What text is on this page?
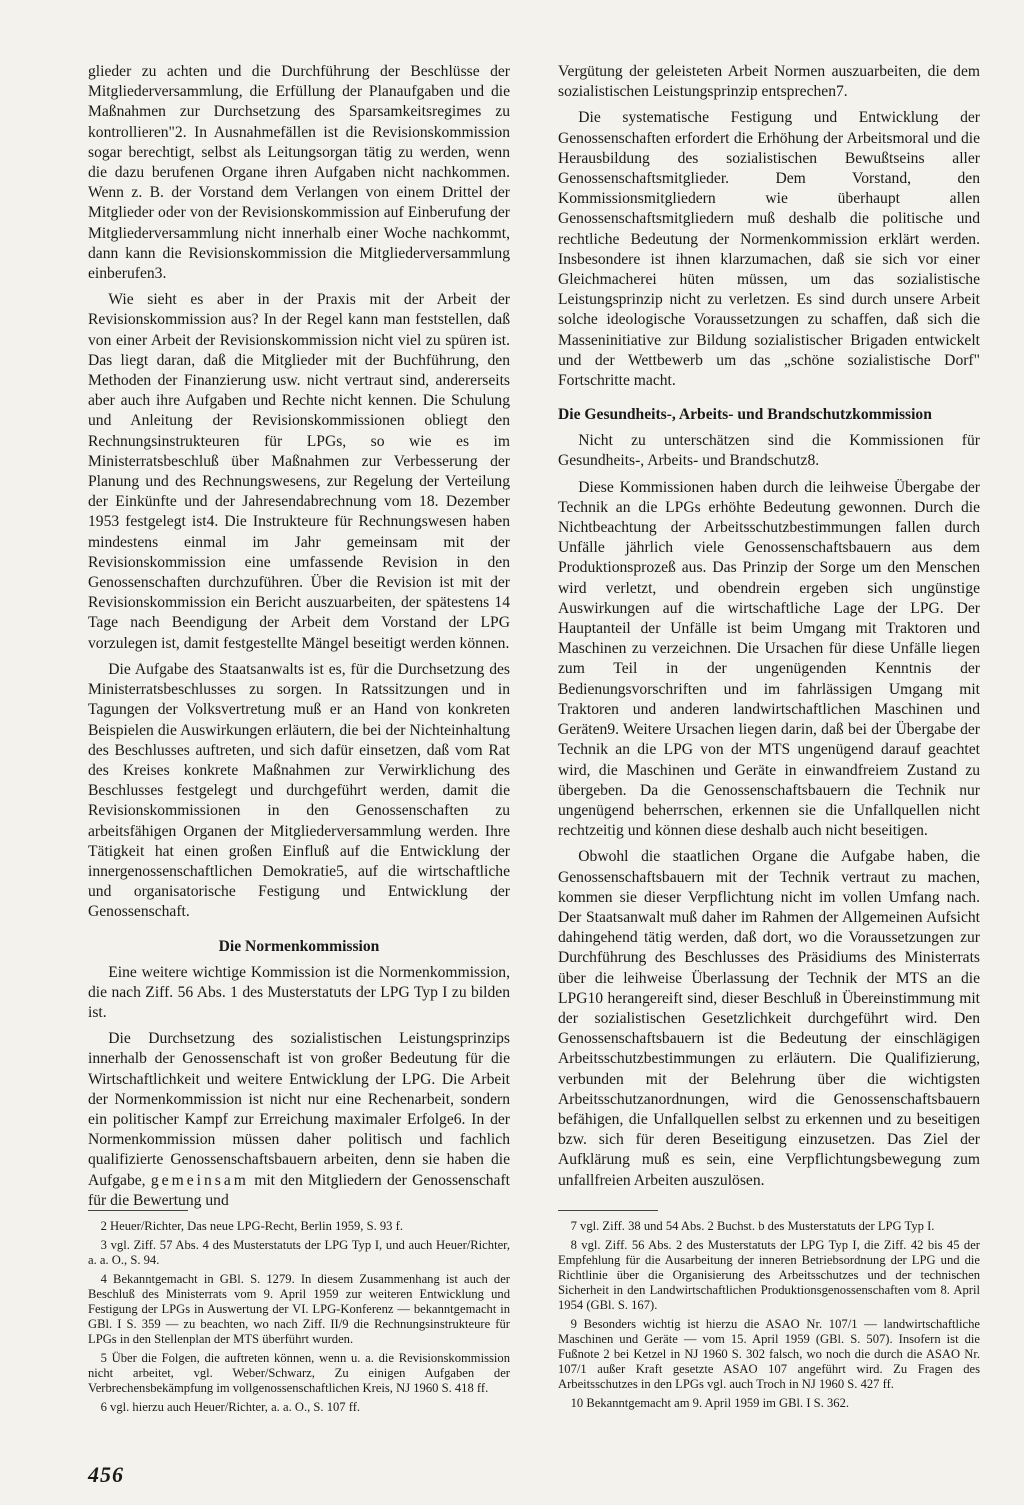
glieder zu achten und die Durchführung der Beschlüsse der Mitgliederversammlung, die Erfüllung der Planaufgaben und die Maßnahmen zur Durchsetzung des Sparsamkeitsregimes zu kontrollieren"2. In Ausnahmefällen ist die Revisionskommission sogar berechtigt, selbst als Leitungsorgan tätig zu werden, wenn die dazu berufenen Organe ihren Aufgaben nicht nachkommen. Wenn z. B. der Vorstand dem Verlangen von einem Drittel der Mitglieder oder von der Revisionskommission auf Einberufung der Mitgliederversammlung nicht innerhalb einer Woche nachkommt, dann kann die Revisionskommission die Mitgliederversammlung einberufen3.

Wie sieht es aber in der Praxis mit der Arbeit der Revisionskommission aus? In der Regel kann man feststellen, daß von einer Arbeit der Revisionskommission nicht viel zu spüren ist. Das liegt daran, daß die Mitglieder mit der Buchführung, den Methoden der Finanzierung usw. nicht vertraut sind, andererseits aber auch ihre Aufgaben und Rechte nicht kennen. Die Schulung und Anleitung der Revisionskommissionen obliegt den Rechnungsinstrukteuren für LPGs, so wie es im Ministerratsbeschluß über Maßnahmen zur Verbesserung der Planung und des Rechnungswesens, zur Regelung der Verteilung der Einkünfte und der Jahresendabrechnung vom 18. Dezember 1953 festgelegt ist4. Die Instrukteure für Rechnungswesen haben mindestens einmal im Jahr gemeinsam mit der Revisionskommission eine umfassende Revision in den Genossenschaften durchzuführen. Über die Revision ist mit der Revisionskommission ein Bericht auszuarbeiten, der spätestens 14 Tage nach Beendigung der Arbeit dem Vorstand der LPG vorzulegen ist, damit festgestellte Mängel beseitigt werden können.

Die Aufgabe des Staatsanwalts ist es, für die Durchsetzung des Ministerratsbeschlusses zu sorgen. In Ratssitzungen und in Tagungen der Volksvertretung muß er an Hand von konkreten Beispielen die Auswirkungen erläutern, die bei der Nichteinhaltung des Beschlusses auftreten, und sich dafür einsetzen, daß vom Rat des Kreises konkrete Maßnahmen zur Verwirklichung des Beschlusses festgelegt und durchgeführt werden, damit die Revisionskommissionen in den Genossenschaften zu arbeitsfähigen Organen der Mitgliederversammlung werden. Ihre Tätigkeit hat einen großen Einfluß auf die Entwicklung der innergenossenschaftlichen Demokratie5, auf die wirtschaftliche und organisatorische Festigung und Entwicklung der Genossenschaft.

Die Normenkommission

Eine weitere wichtige Kommission ist die Normenkommission, die nach Ziff. 56 Abs. 1 des Musterstatuts der LPG Typ I zu bilden ist.

Die Durchsetzung des sozialistischen Leistungsprinzips innerhalb der Genossenschaft ist von großer Bedeutung für die Wirtschaftlichkeit und weitere Entwicklung der LPG. Die Arbeit der Normenkommission ist nicht nur eine Rechenarbeit, sondern ein politischer Kampf zur Erreichung maximaler Erfolge6. In der Normenkommission müssen daher politisch und fachlich qualifizierte Genossenschaftsbauern arbeiten, denn sie haben die Aufgabe, gemeinsam mit den Mitgliedern der Genossenschaft für die Bewertung und

Vergütung der geleisteten Arbeit Normen auszuarbeiten, die dem sozialistischen Leistungsprinzip entsprechen7.

Die systematische Festigung und Entwicklung der Genossenschaften erfordert die Erhöhung der Arbeitsmoral und die Herausbildung des sozialistischen Bewußtseins aller Genossenschaftsmitglieder. Dem Vorstand, den Kommissionsmitgliedern wie überhaupt allen Genossenschaftsmitgliedern muß deshalb die politische und rechtliche Bedeutung der Normenkommission erklärt werden. Insbesondere ist ihnen klarzumachen, daß sie sich vor einer Gleichmacherei hüten müssen, um das sozialistische Leistungsprinzip nicht zu verletzen. Es sind durch unsere Arbeit solche ideologische Voraussetzungen zu schaffen, daß sich die Masseninitiative zur Bildung sozialistischer Brigaden entwickelt und der Wettbewerb um das „schöne sozialistische Dorf" Fortschritte macht.

Die Gesundheits-, Arbeits- und Brandschutzkommission

Nicht zu unterschätzen sind die Kommissionen für Gesundheits-, Arbeits- und Brandschutz8.

Diese Kommissionen haben durch die leihweise Übergabe der Technik an die LPGs erhöhte Bedeutung gewonnen. Durch die Nichtbeachtung der Arbeitsschutzbestimmungen fallen durch Unfälle jährlich viele Genossenschaftsbauern aus dem Produktionsprozeß aus. Das Prinzip der Sorge um den Menschen wird verletzt, und obendrein ergeben sich ungünstige Auswirkungen auf die wirtschaftliche Lage der LPG. Der Hauptanteil der Unfälle ist beim Umgang mit Traktoren und Maschinen zu verzeichnen. Die Ursachen für diese Unfälle liegen zum Teil in der ungenügenden Kenntnis der Bedienungsvorschriften und im fahrlässigen Umgang mit Traktoren und anderen landwirtschaftlichen Maschinen und Geräten9. Weitere Ursachen liegen darin, daß bei der Übergabe der Technik an die LPG von der MTS ungenügend darauf geachtet wird, die Maschinen und Geräte in einwandfreiem Zustand zu übergeben. Da die Genossenschaftsbauern die Technik nur ungenügend beherrschen, erkennen sie die Unfallquellen nicht rechtzeitig und können diese deshalb auch nicht beseitigen.

Obwohl die staatlichen Organe die Aufgabe haben, die Genossenschaftsbauern mit der Technik vertraut zu machen, kommen sie dieser Verpflichtung nicht im vollen Umfang nach. Der Staatsanwalt muß daher im Rahmen der Allgemeinen Aufsicht dahingehend tätig werden, daß dort, wo die Voraussetzungen zur Durchführung des Beschlusses des Präsidiums des Ministerrats über die leihweise Überlassung der Technik der MTS an die LPG10 herangereift sind, dieser Beschluß in Übereinstimmung mit der sozialistischen Gesetzlichkeit durchgeführt wird. Den Genossenschaftsbauern ist die Bedeutung der einschlägigen Arbeitsschutzbestimmungen zu erläutern. Die Qualifizierung, verbunden mit der Belehrung über die wichtigsten Arbeitsschutzanordnungen, wird die Genossenschaftsbauern befähigen, die Unfallquellen selbst zu erkennen und zu beseitigen bzw. sich für deren Beseitigung einzusetzen. Das Ziel der Aufklärung muß es sein, eine Verpflichtungsbewegung zum unfallfreien Arbeiten auszulösen.

2 Heuer/Richter, Das neue LPG-Recht, Berlin 1959, S. 93 f.

3 vgl. Ziff. 57 Abs. 4 des Musterstatuts der LPG Typ I, und auch Heuer/Richter, a. a. O., S. 94.

4 Bekanntgemacht in GBl. S. 1279. In diesem Zusammenhang ist auch der Beschluß des Ministerrats vom 9. April 1959 zur weiteren Entwicklung und Festigung der LPGs in Auswertung der VI. LPG-Konferenz — bekanntgemacht in GBl. I S. 359 — zu beachten, wo nach Ziff. II/9 die Rechnungsinstrukteure für LPGs in den Stellenplan der MTS überführt wurden.

5 Über die Folgen, die auftreten können, wenn u. a. die Revisionskommission nicht arbeitet, vgl. Weber/Schwarz, Zu einigen Aufgaben der Verbrechensbekämpfung im vollgenossenschaftlichen Kreis, NJ 1960 S. 418 ff.

6 vgl. hierzu auch Heuer/Richter, a. a. O., S. 107 ff.

7 vgl. Ziff. 38 und 54 Abs. 2 Buchst. b des Musterstatuts der LPG Typ I.

8 vgl. Ziff. 56 Abs. 2 des Musterstatuts der LPG Typ I, die Ziff. 42 bis 45 der Empfehlung für die Ausarbeitung der inneren Betriebsordnung der LPG und die Richtlinie über die Organisierung des Arbeitsschutzes und der technischen Sicherheit in den Landwirtschaftlichen Produktionsgenossenschaften vom 8. April 1954 (GBl. S. 167).

9 Besonders wichtig ist hierzu die ASAO Nr. 107/1 — landwirtschaftliche Maschinen und Geräte — vom 15. April 1959 (GBl. S. 507). Insofern ist die Fußnote 2 bei Ketzel in NJ 1960 S. 302 falsch, wo noch die durch die ASAO Nr. 107/1 außer Kraft gesetzte ASAO 107 angeführt wird. Zu Fragen des Arbeitsschutzes in den LPGs vgl. auch Troch in NJ 1960 S. 427 ff.

10 Bekanntgemacht am 9. April 1959 im GBl. I S. 362.

456
